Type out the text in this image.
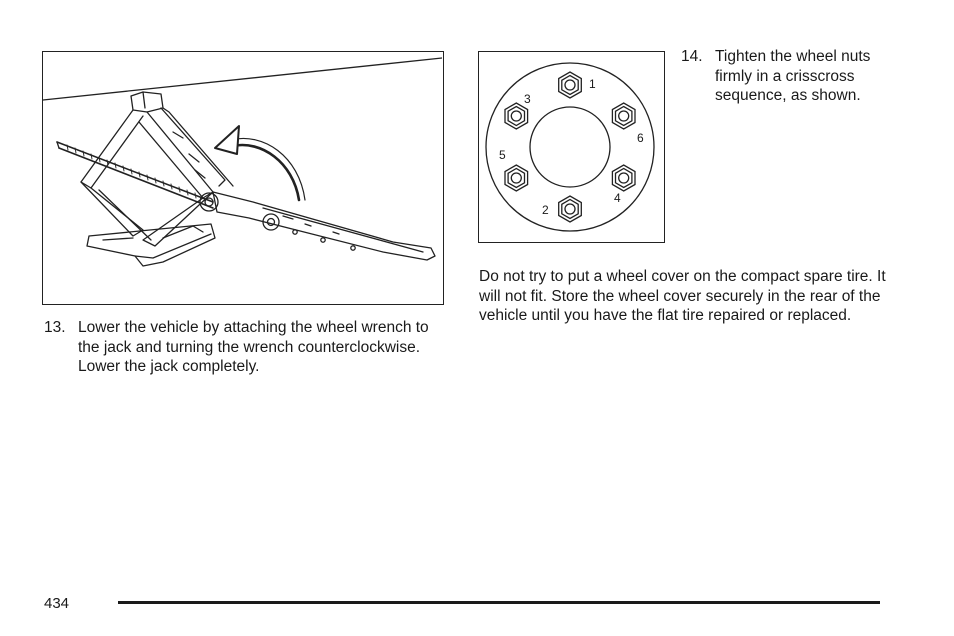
1
2
3
4
5
6
13. Lower the vehicle by attaching the wheel wrench to the jack and turning the wrench counterclockwise. Lower the jack completely.
14. Tighten the wheel nuts firmly in a crisscross sequence, as shown.
Do not try to put a wheel cover on the compact spare tire. It will not fit. Store the wheel cover securely in the rear of the vehicle until you have the flat tire repaired or replaced.
434
